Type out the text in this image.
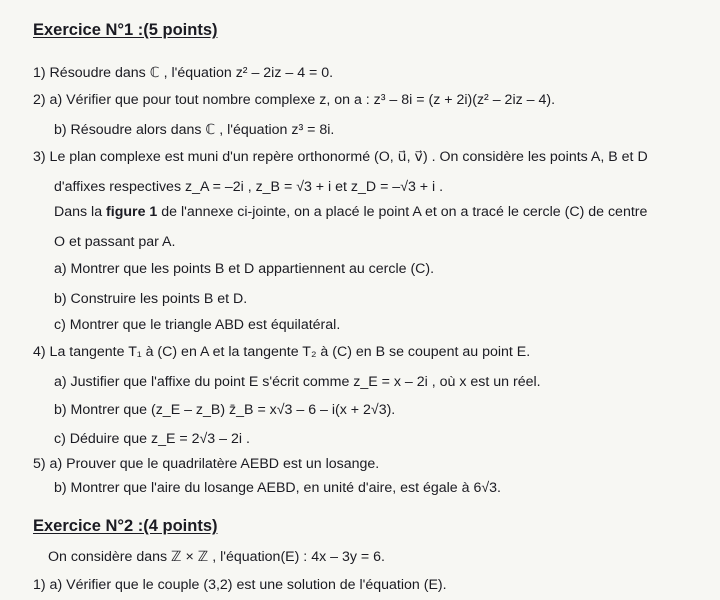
Exercice N°1 :(5 points)
1) Résoudre dans ℂ , l'équation z² – 2iz – 4 = 0.
2) a) Vérifier que pour tout nombre complexe z, on a : z³ – 8i = (z + 2i)(z² – 2iz – 4).
b) Résoudre alors dans ℂ , l'équation z³ = 8i.
3) Le plan complexe est muni d'un repère orthonormé (O, u⃗, v⃗) . On considère les points A, B et D
d'affixes respectives z_A = –2i , z_B = √3 + i et z_D = –√3 + i .
Dans la figure 1 de l'annexe ci-jointe, on a placé le point A et on a tracé le cercle (C) de centre
O et passant par A.
a) Montrer que les points B et D appartiennent au cercle (C).
b) Construire les points B et D.
c) Montrer que le triangle ABD est équilatéral.
4) La tangente T₁ à (C) en A et la tangente T₂ à (C) en B se coupent au point E.
a) Justifier que l'affixe du point E s'écrit comme z_E = x – 2i , où x est un réel.
b) Montrer que (z_E – z_B) z̄_B = x√3 – 6 – i(x + 2√3).
c) Déduire que z_E = 2√3 – 2i .
5) a) Prouver que le quadrilatère AEBD est un losange.
b) Montrer que l'aire du losange AEBD, en unité d'aire, est égale à 6√3.
Exercice N°2 :(4 points)
On considère dans ℤ × ℤ , l'équation(E) : 4x – 3y = 6.
1) a) Vérifier que le couple (3,2) est une solution de l'équation (E).
